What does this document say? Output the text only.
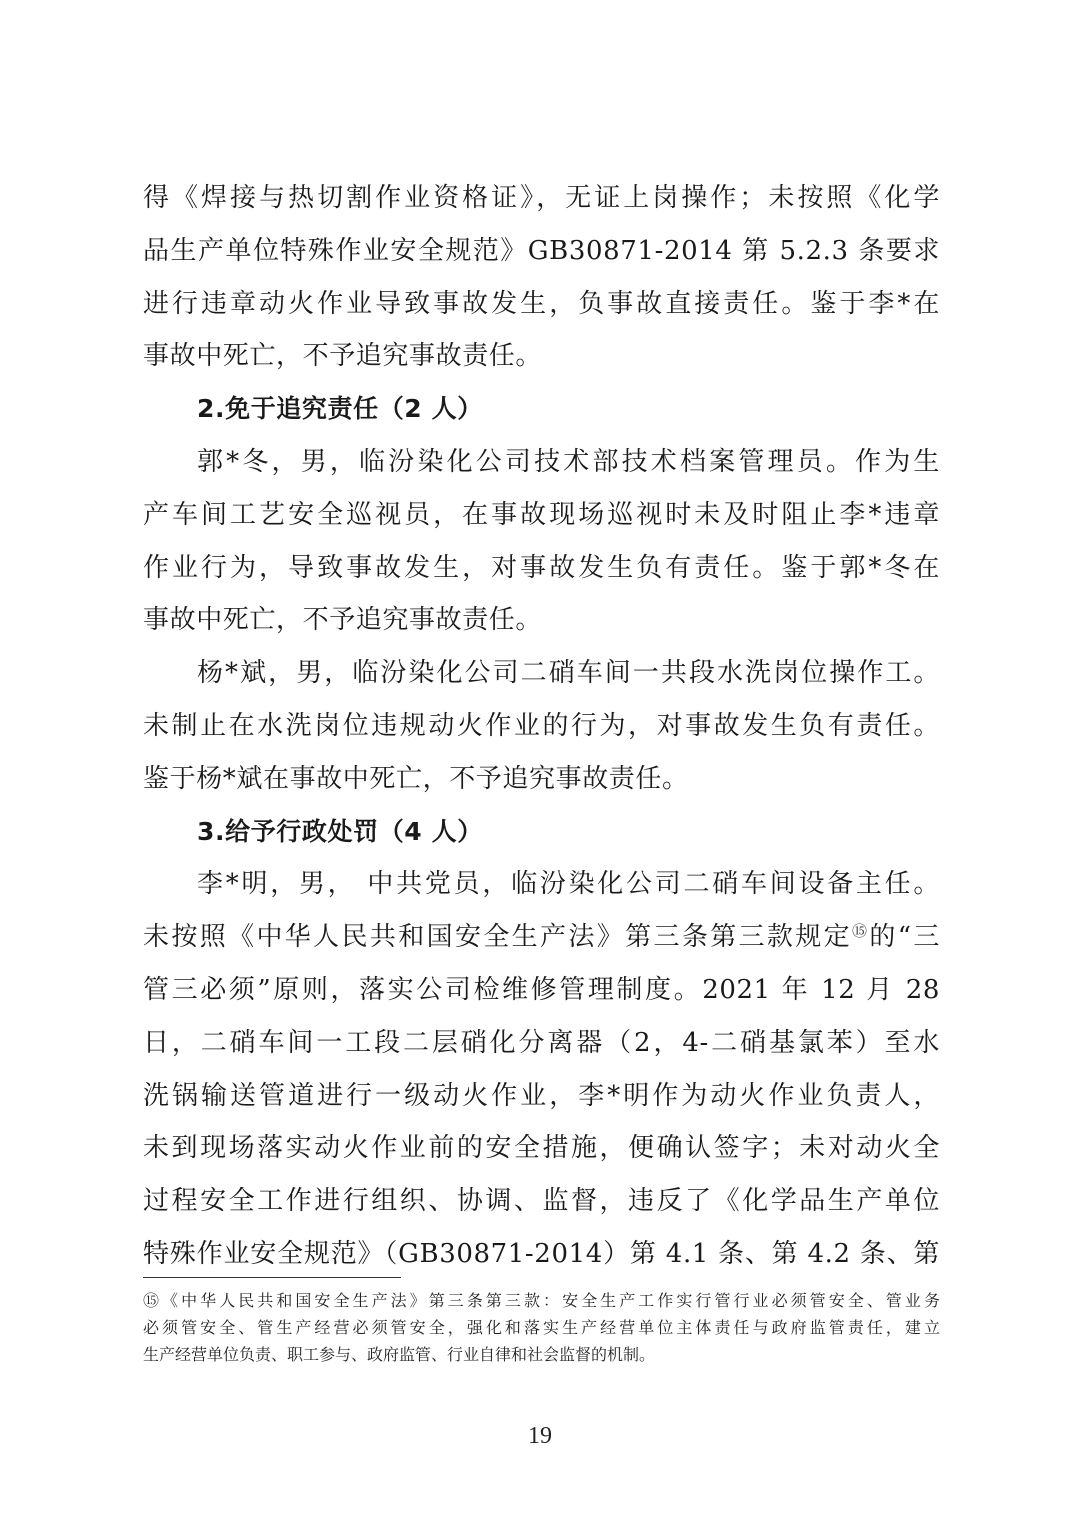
得《焊接与热切割作业资格证》，无证上岗操作；未按照《化学
品生产单位特殊作业安全规范》GB30871-2014 第 5.2.3 条要求
进行违章动火作业导致事故发生，负事故直接责任。鉴于李*在
事故中死亡，不予追究事故责任。
2.免于追究责任（2 人）
郭*冬，男，临汾染化公司技术部技术档案管理员。作为生
产车间工艺安全巡视员，在事故现场巡视时未及时阻止李*违章
作业行为，导致事故发生，对事故发生负有责任。鉴于郭*冬在
事故中死亡，不予追究事故责任。
杨*斌，男，临汾染化公司二硝车间一共段水洗岗位操作工。
未制止在水洗岗位违规动火作业的行为，对事故发生负有责任。
鉴于杨*斌在事故中死亡，不予追究事故责任。
3.给予行政处罚（4 人）
李*明，男， 中共党员，临汾染化公司二硝车间设备主任。
未按照《中华人民共和国安全生产法》第三条第三款规定⑮的“三
管三必须”原则，落实公司检维修管理制度。2021 年 12 月 28
日，二硝车间一工段二层硝化分离器（2，4-二硝基氯苯）至水
洗锅输送管道进行一级动火作业，李*明作为动火作业负责人，
未到现场落实动火作业前的安全措施，便确认签字；未对动火全
过程安全工作进行组织、协调、监督，违反了《化学品生产单位
特殊作业安全规范》（GB30871-2014）第 4.1 条、第 4.2 条、第
⑮《中华人民共和国安全生产法》第三条第三款：安全生产工作实行管行业必须管安全、管业务
必须管安全、管生产经营必须管安全，强化和落实生产经营单位主体责任与政府监管责任，建立
生产经营单位负责、职工参与、政府监管、行业自律和社会监督的机制。
19
